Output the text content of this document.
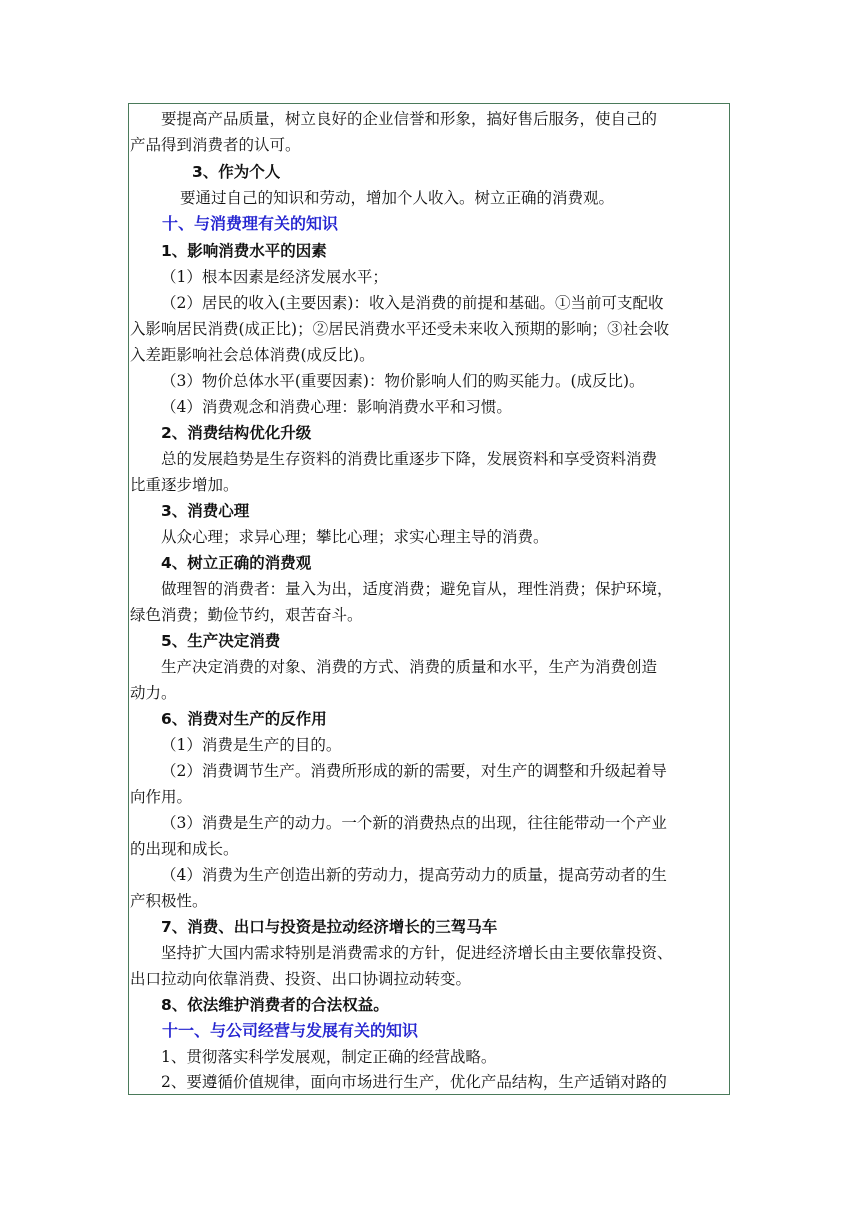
要提高产品质量，树立良好的企业信誉和形象，搞好售后服务，使自己的
产品得到消费者的认可。
3、作为个人
要通过自己的知识和劳动，增加个人收入。树立正确的消费观。
十、与消费理有关的知识
1、影响消费水平的因素
（1）根本因素是经济发展水平；
（2）居民的收入(主要因素)：收入是消费的前提和基础。①当前可支配收
入影响居民消费(成正比)；②居民消费水平还受未来收入预期的影响；③社会收
入差距影响社会总体消费(成反比)。
（3）物价总体水平(重要因素)：物价影响人们的购买能力。(成反比)。
（4）消费观念和消费心理：影响消费水平和习惯。
2、消费结构优化升级
总的发展趋势是生存资料的消费比重逐步下降，发展资料和享受资料消费
比重逐步增加。
3、消费心理
从众心理；求异心理；攀比心理；求实心理主导的消费。
4、树立正确的消费观
做理智的消费者：量入为出，适度消费；避免盲从，理性消费；保护环境，
绿色消费；勤俭节约，艰苦奋斗。
5、生产决定消费
生产决定消费的对象、消费的方式、消费的质量和水平，生产为消费创造
动力。
6、消费对生产的反作用
（1）消费是生产的目的。
（2）消费调节生产。消费所形成的新的需要，对生产的调整和升级起着导
向作用。
（3）消费是生产的动力。一个新的消费热点的出现，往往能带动一个产业
的出现和成长。
（4）消费为生产创造出新的劳动力，提高劳动力的质量，提高劳动者的生
产积极性。
7、消费、出口与投资是拉动经济增长的三驾马车
坚持扩大国内需求特别是消费需求的方针，促进经济增长由主要依靠投资、
出口拉动向依靠消费、投资、出口协调拉动转变。
8、依法维护消费者的合法权益。
十一、与公司经营与发展有关的知识
1、贯彻落实科学发展观，制定正确的经营战略。
2、要遵循价值规律，面向市场进行生产，优化产品结构，生产适销对路的
